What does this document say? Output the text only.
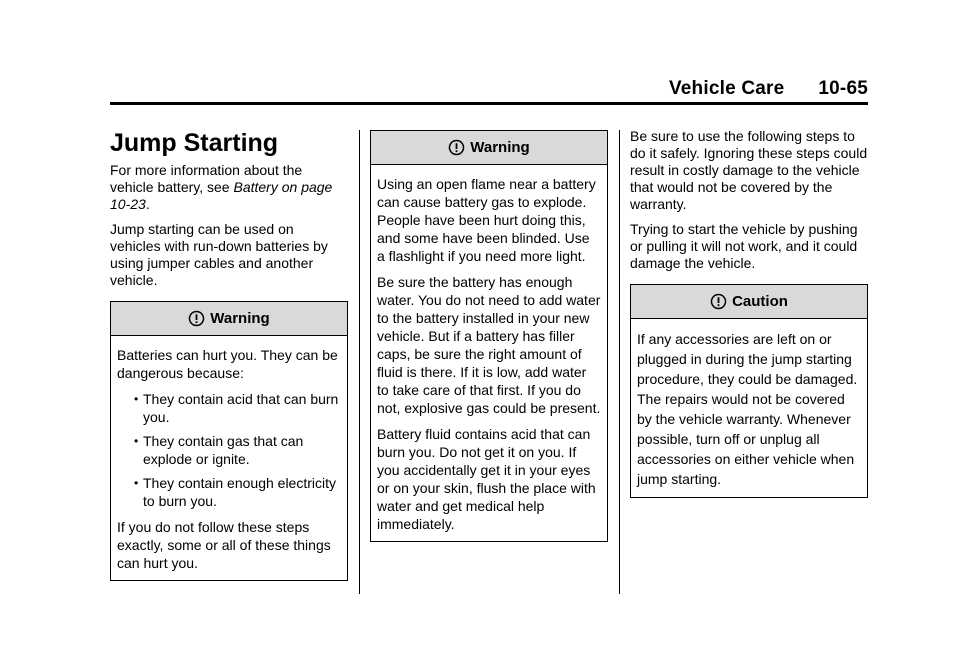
Vehicle Care 10-65
Jump Starting

For more information about the vehicle battery, see Battery on page 10-23.

Jump starting can be used on vehicles with run-down batteries by using jumper cables and another vehicle.

Warning

Batteries can hurt you. They can be dangerous because:

• They contain acid that can burn you.
• They contain gas that can explode or ignite.
• They contain enough electricity to burn you.

If you do not follow these steps exactly, some or all of these things can hurt you.

Warning

Using an open flame near a battery can cause battery gas to explode. People have been hurt doing this, and some have been blinded. Use a flashlight if you need more light.

Be sure the battery has enough water. You do not need to add water to the battery installed in your new vehicle. But if a battery has filler caps, be sure the right amount of fluid is there. If it is low, add water to take care of that first. If you do not, explosive gas could be present.

Battery fluid contains acid that can burn you. Do not get it on you. If you accidentally get it in your eyes or on your skin, flush the place with water and get medical help immediately.

Be sure to use the following steps to do it safely. Ignoring these steps could result in costly damage to the vehicle that would not be covered by the warranty.

Trying to start the vehicle by pushing or pulling it will not work, and it could damage the vehicle.

Caution

If any accessories are left on or plugged in during the jump starting procedure, they could be damaged. The repairs would not be covered by the vehicle warranty. Whenever possible, turn off or unplug all accessories on either vehicle when jump starting.
